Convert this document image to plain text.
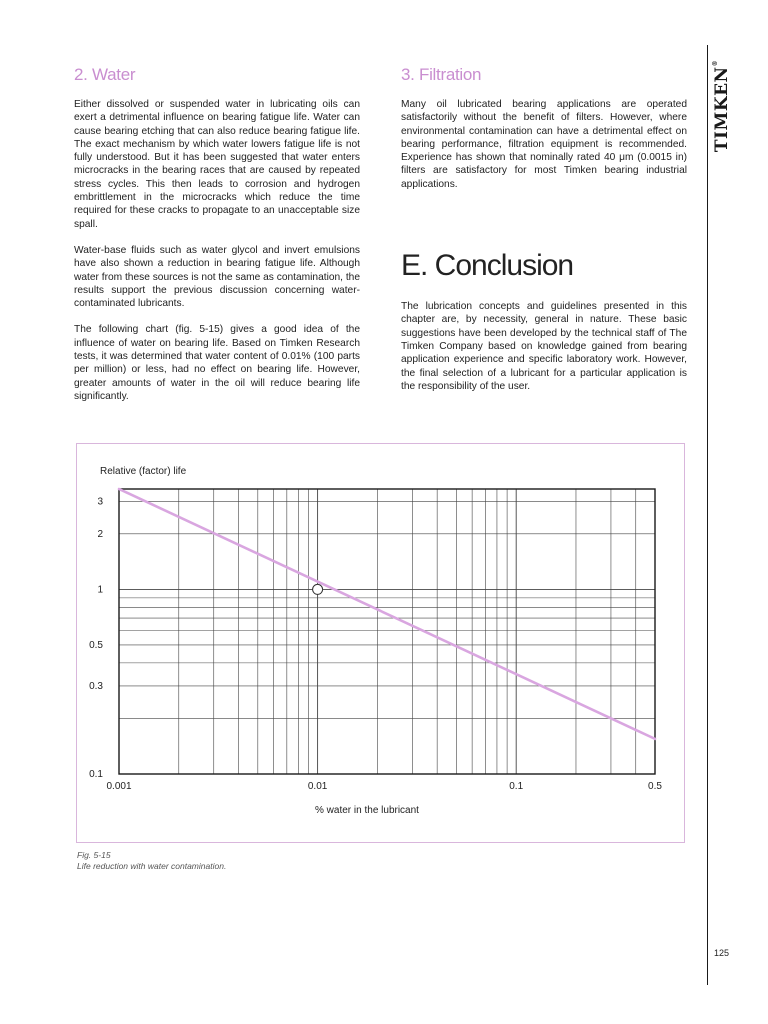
2. Water

Either dissolved or suspended water in lubricating oils can exert a detrimental influence on bearing fatigue life. Water can cause bearing etching that can also reduce bearing fatigue life. The exact mechanism by which water lowers fatigue life is not fully understood. But it has been suggested that water enters microcracks in the bearing races that are caused by repeated stress cycles. This then leads to corrosion and hydrogen embrittlement in the microcracks which reduce the time required for these cracks to propagate to an unacceptable size spall.

Water-base fluids such as water glycol and invert emulsions have also shown a reduction in bearing fatigue life. Although water from these sources is not the same as contamination, the results support the previous discussion concerning water-contaminated lubricants.

The following chart (fig. 5-15) gives a good idea of the influence of water on bearing life. Based on Timken Research tests, it was determined that water content of 0.01% (100 parts per million) or less, had no effect on bearing life. However, greater amounts of water in the oil will reduce bearing life significantly.

3. Filtration

Many oil lubricated bearing applications are operated satisfactorily without the benefit of filters. However, where environmental contamination can have a detrimental effect on bearing performance, filtration equipment is recommended. Experience has shown that nominally rated 40 μm (0.0015 in) filters are satisfactory for most Timken bearing industrial applications.

E. Conclusion

The lubrication concepts and guidelines presented in this chapter are, by necessity, general in nature. These basic suggestions have been developed by the technical staff of The Timken Company based on knowledge gained from bearing application experience and specific laboratory work. However, the final selection of a lubricant for a particular application is the responsibility of the user.

TIMKEN®
125
0.1
0.3
0.5
1
2
3
0.001	0.01	0.1	0.5
Relative (factor) life
% water in the lubricant
Fig. 5-15
Life reduction with water contamination.
